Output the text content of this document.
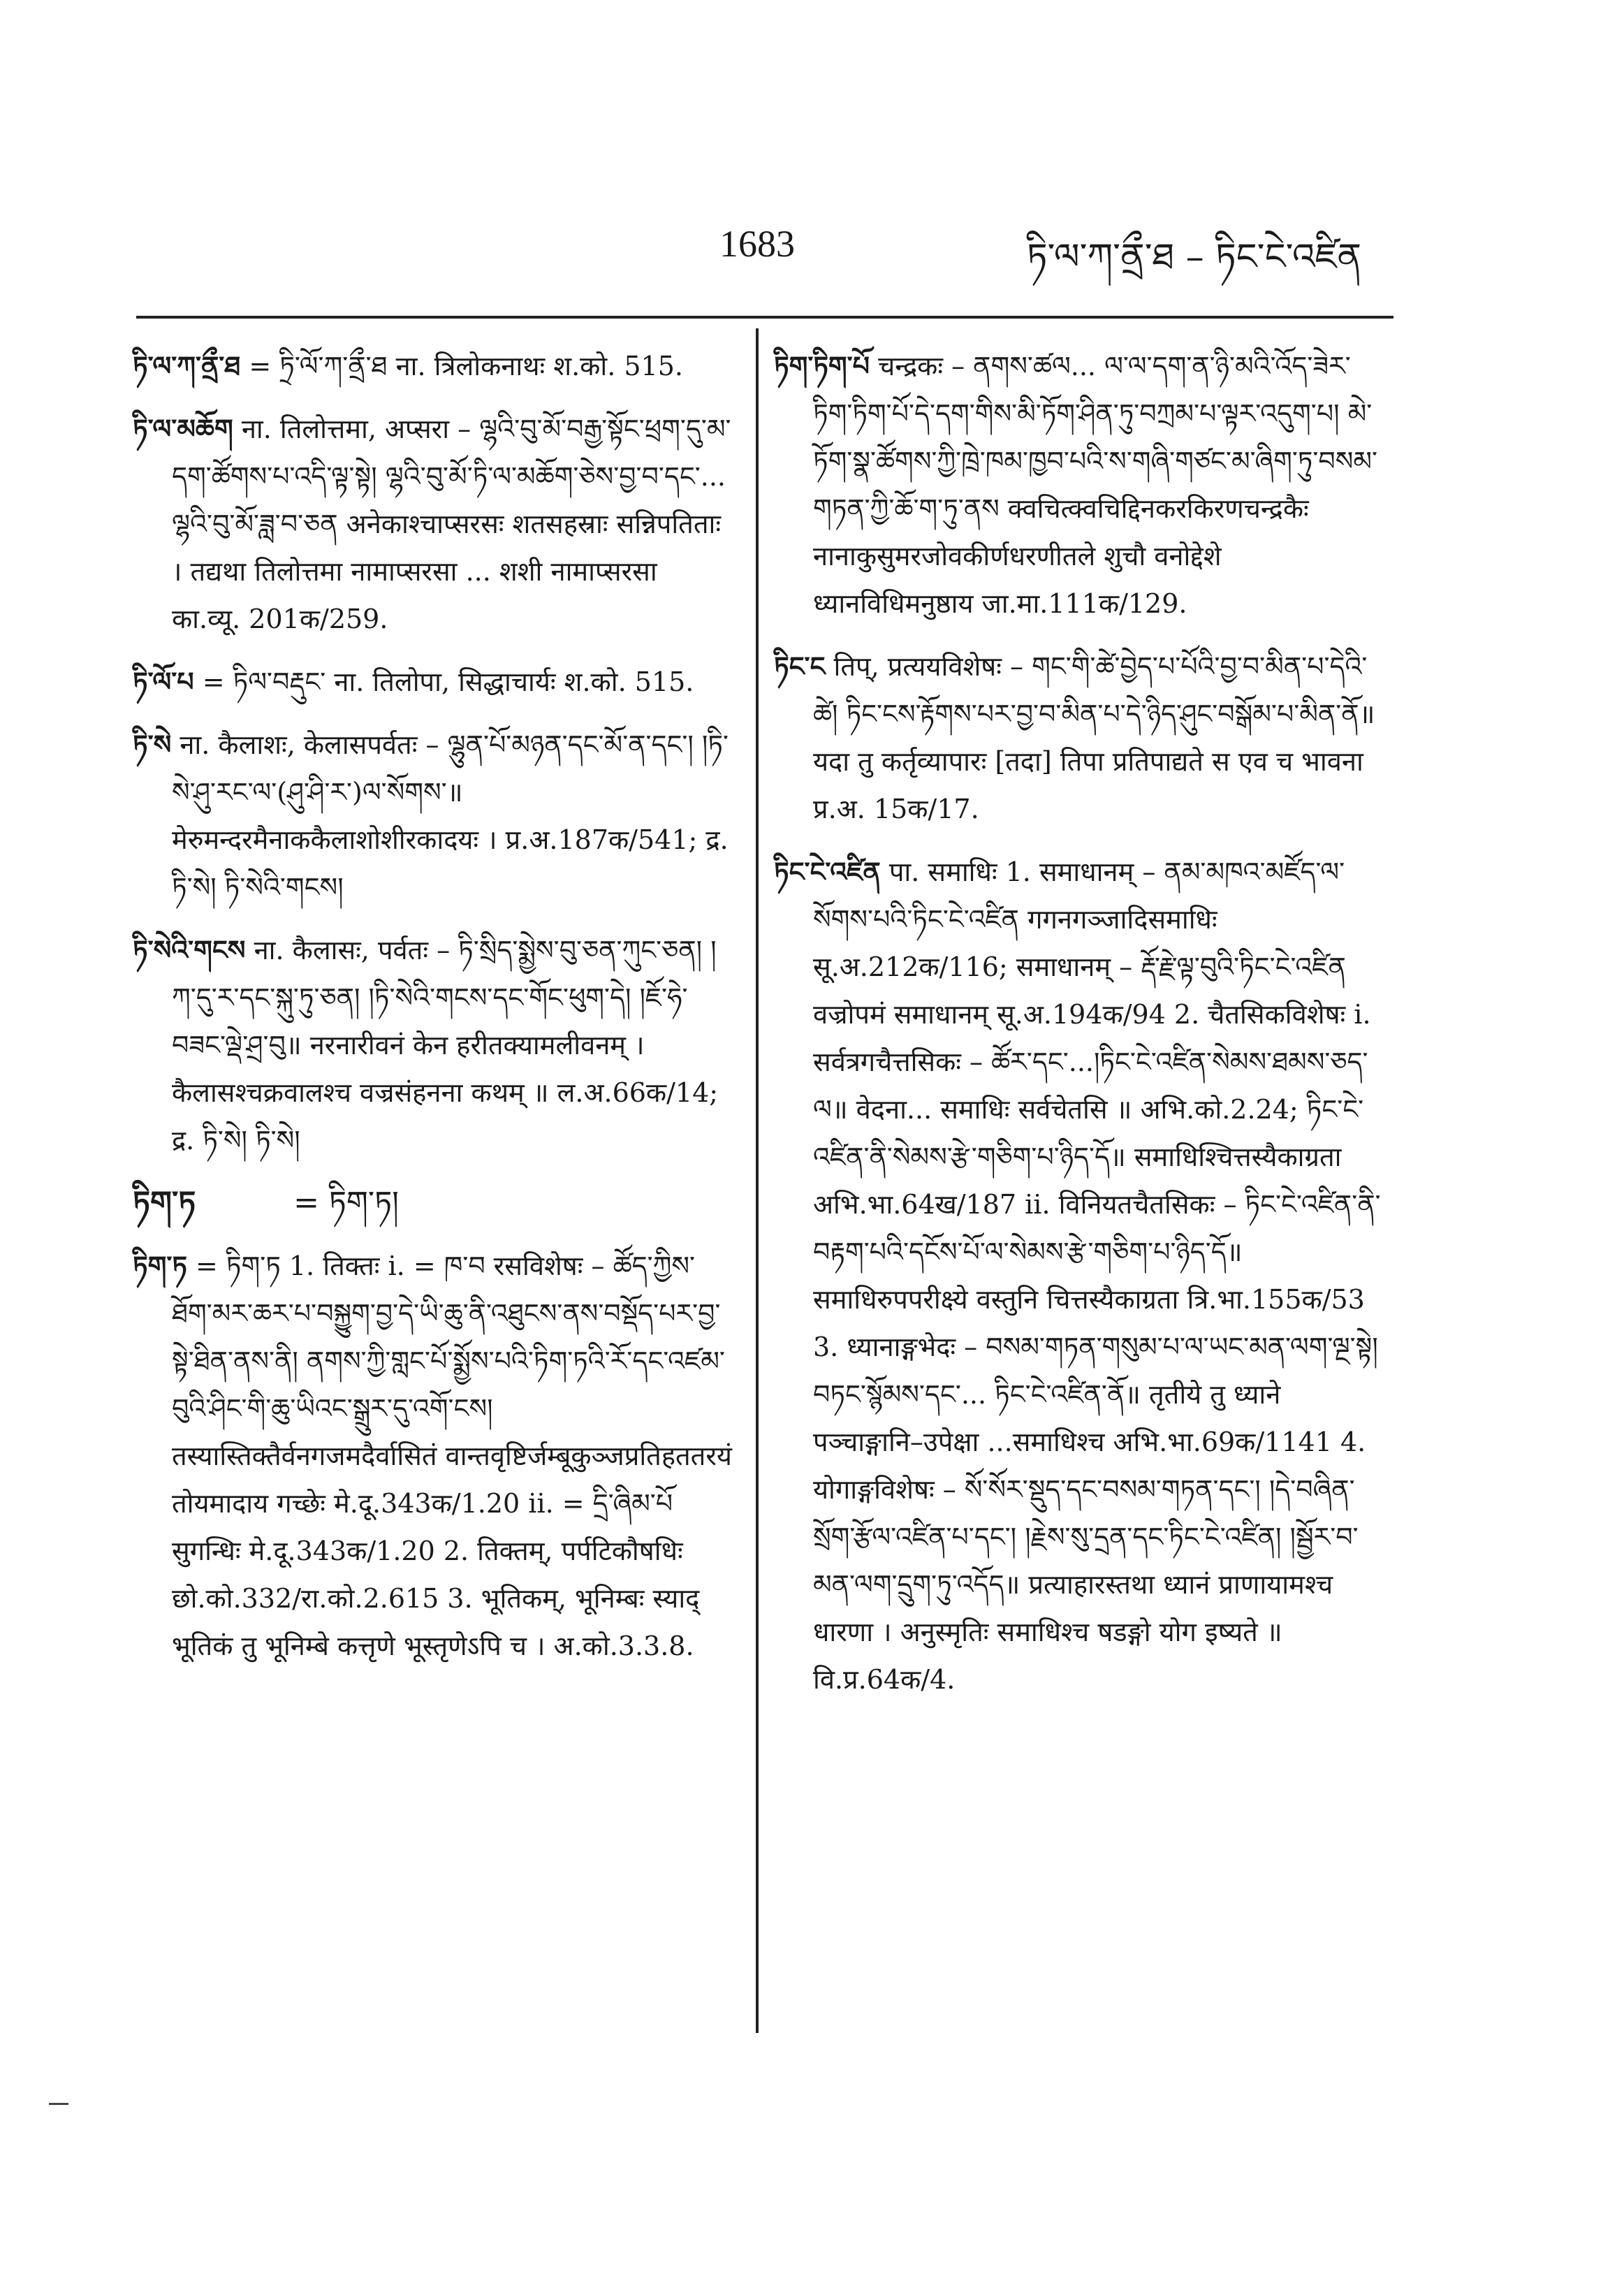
1683	ཏི་ལ་ཀ་ནྲྀ་ཐ – ཏིང་ངེ་འཛིན

ཏི་ལ་ཀ་ནྲྀ་ཐ = ཏྲི་ལོ་ཀ་ནྲྀ་ཐ ना. त्रिलोकनाथः श.को. 515.

ཏི་ལ་མཆོག ना. तिलोत्तमा, अप्सरा – ལྷའི་བུ་མོ་བརྒྱ་སྟོང་ཕྲག་དུ་མ་དག་ཚོགས་པ་འདི་ལྟ་སྟེ། ལྷའི་བུ་མོ་ཏི་ལ་མཆོག་ཅེས་བྱ་བ་དང་... ལྷའི་བུ་མོ་ཟླ་བ་ཅན अनेकाश्चाप्सरसः शतसहस्राः सन्निपतिताः । तद्यथा तिलोत्तमा नामाप्सरसा ... शशी नामाप्सरसा का.व्यू. 201क/259.

ཏི་ལོ་པ = ཏིལ་བརྡུང་ ना. तिलोपा, सिद्धाचार्यः श.को. 515.

ཏི་སེ ना. कैलाशः, केलासपर्वतः – ལྷུན་པོ་མཉན་དང་མོ་ན་དང་། །ཏི་སེ་ཤུ་རང་ལ་(ཤུ་ཤི་ར་)ལ་སོགས་॥ मेरुमन्दरमैनाककैलाशोशीरकादयः । प्र.अ.187क/541; द्र. ཏི་སེ། ཏི་སེའི་གངས།

ཏི་སེའི་གངས ना. कैलासः, पर्वतः – ཏི་སྲིད་སྨྱེས་བུ་ཅན་ཀུང་ཅན། །ཀ་དུ་ར་དང་སྐུ་ཏུ་ཅན། །ཏི་སེའི་གངས་དང་གོང་ཕུག་དེ། །ཇོ་ཧེ་བཟང་ལྡེ་ཤྲ་བུ॥ नरनारीवनं केन हरीतक्यामलीवनम् । कैलासश्चक्रवालश्च वज्रसंहनना कथम् ॥ ल.अ.66क/14; द्र. ཏི་སེ། ཏི་སེ།

ཏིག་ཏ	= ཏིག་ཏ།

ཏིག་ཏ = ཏིག་ཏ 1. तिक्तः i. = ཁ་བ रसविशेषः – ཚོད་ཀྱིས་ཐོག་མར་ཆར་པ་བསྐྱུག་བྱ་དེ་ཡི་ཆུ་ནི་འཐུངས་ནས་བསྡོད་པར་བྱ་སྟེ་ཐིན་ནས་ནི། ནགས་ཀྱི་གླང་པོ་སྨྱོས་པའི་ཏིག་ཏའི་རོ་དང་འཛམ་བུའི་ཤིང་གི་ཆུ་ཡིའང་སྒྲུར་དུ་འགོ་ངས། तस्यास्तिक्तैर्वनगजमदैर्वासितं वान्तवृष्टिर्जम्बूकुञ्जप्रतिहततरयं तोयमादाय गच्छेः मे.दू.343क/1.20 ii. = དྲི་ཞིམ་པོ सुगन्धिः मे.दू.343क/1.20 2. तिक्तम्, पर्पटिकौषधिः छो.को.332/रा.को.2.615 3. भूतिकम्, भूनिम्बः स्याद् भूतिकं तु भूनिम्बे कत्तृणे भूस्तृणेऽपि च । अ.को.3.3.8.

ཏིག་ཏིག་པོ चन्द्रकः – ནགས་ཚལ... ལ་ལ་དག་ན་ཉི་མའི་འོད་ཟེར་ཏིག་ཏིག་པོ་དེ་དག་གིས་མི་ཏོག་ཤིན་ཏུ་བཀྲམ་པ་ལྟར་འདུག་པ། མེ་ཏོག་སྣ་ཚོགས་ཀྱི་ཁྲེ་ཁམ་ཁྱབ་པའི་ས་གཞི་གཙང་མ་ཞིག་ཏུ་བསམ་གཏན་ཀྱི་ཆོ་ག་ཏུ་ནས क्वचित्क्वचिद्दिनकरकिरणचन्द्रकैः नानाकुसुमरजोवकीर्णधरणीतले शुचौ वनोद्देशे ध्यानविधिमनुष्ठाय जा.मा.111क/129.

ཏིང་ང तिप्, प्रत्ययविशेषः – གང་གི་ཚེ་བྱེད་པ་པོའི་བྱ་བ་མིན་པ་དེའི་ཚེ། ཏིང་ངས་རྟོགས་པར་བྱ་བ་མིན་པ་དེ་ཉིད་ཤུང་བསྒོམ་པ་མིན་ནོ॥ यदा तु कर्तृव्यापारः [तदा] तिपा प्रतिपाद्यते स एव च भावना प्र.अ. 15क/17.

ཏིང་ངེ་འཛིན पा. समाधिः 1. समाधानम् – ནམ་མཁའ་མཛོད་ལ་སོགས་པའི་ཏིང་ངེ་འཛིན गगनगञ्जादिसमाधिः सू.अ.212क/116; समाधानम् – རྡོ་རྗེ་ལྟ་བུའི་ཏིང་ངེ་འཛིན वज्रोपमं समाधानम् सू.अ.194क/94 2. चैतसिकविशेषः i. सर्वत्रगचैत्तसिकः – ཚོར་དང་...།ཏིང་ངེ་འཛིན་སེམས་ཐམས་ཅད་ལ॥ वेदना... समाधिः सर्वचेतसि ॥ अभि.को.2.24; ཏིང་ངེ་འཛིན་ནི་སེམས་རྩེ་གཅིག་པ་ཉིད་དོ॥ समाधिश्चित्तस्यैकाग्रता अभि.भा.64ख/187 ii. विनियतचैतसिकः – ཏིང་ངེ་འཛིན་ནི་བརྟག་པའི་དངོས་པོ་ལ་སེམས་རྩེ་གཅིག་པ་ཉིད་དོ॥ समाधिरुपपरीक्ष्ये वस्तुनि चित्तस्यैकाग्रता त्रि.भा.155क/53 3. ध्यानाङ्गभेदः – བསམ་གཏན་གསུམ་པ་ལ་ཡང་མན་ལག་ལྔ་སྟེ། བཏང་སྙོམས་དང་... ཏིང་ངེ་འཛིན་ནོ॥ तृतीये तु ध्याने पञ्चाङ्गानि–उपेक्षा ...समाधिश्च अभि.भा.69क/1141 4. योगाङ्गविशेषः – སོ་སོར་སྡུད་དང་བསམ་གཏན་དང་། །དེ་བཞིན་སྲོག་རྩོལ་འཛིན་པ་དང་། །རྗེས་སུ་དྲན་དང་ཏིང་ངེ་འཛིན། །སྦྱོར་བ་མན་ལག་དྲུག་ཏུ་འདོད॥ प्रत्याहारस्तथा ध्यानं प्राणायामश्च धारणा । अनुस्मृतिः समाधिश्च षडङ्गो योग इष्यते ॥ वि.प्र.64क/4.
